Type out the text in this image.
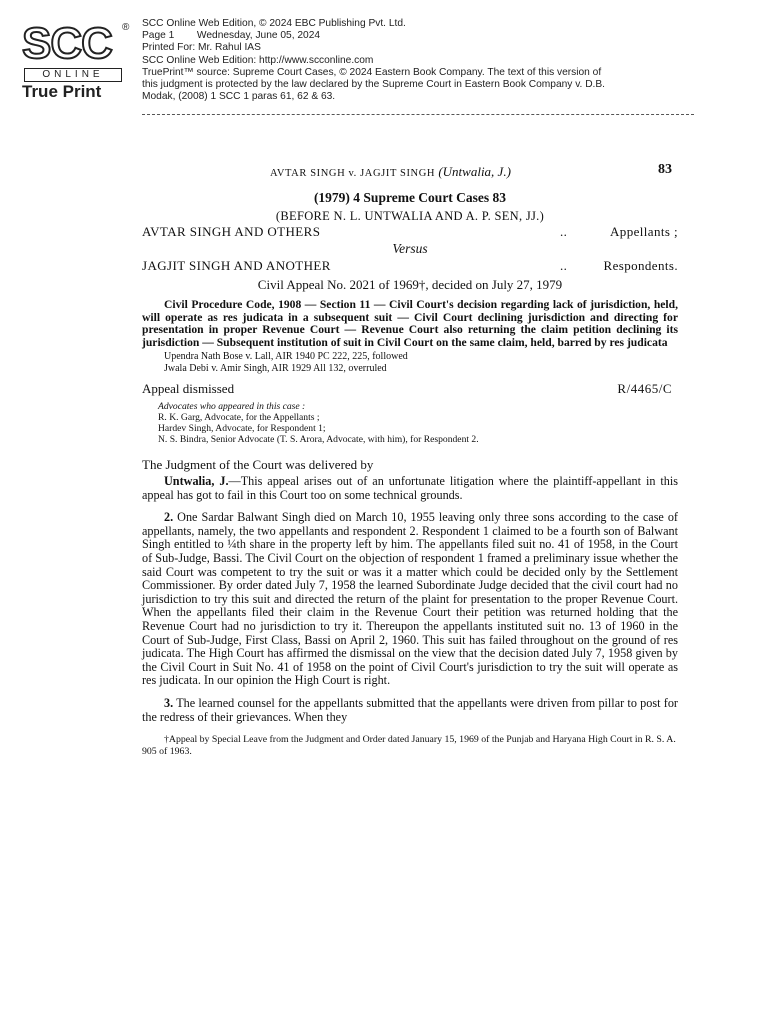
SCC ®
ONLINE
True Print
SCC Online Web Edition, © 2024 EBC Publishing Pvt. Ltd.
Page 1        Wednesday, June 05, 2024
Printed For: Mr. Rahul IAS
SCC Online Web Edition: http://www.scconline.com
TruePrint™ source: Supreme Court Cases, © 2024 Eastern Book Company. The text of this version of
this judgment is protected by the law declared by the Supreme Court in Eastern Book Company v. D.B.
Modak, (2008) 1 SCC 1 paras 61, 62 & 63.
AVTAR SINGH v. JAGJIT SINGH (Untwalia, J.)	83
(1979) 4 Supreme Court Cases 83
(BEFORE N. L. UNTWALIA AND A. P. SEN, JJ.)
AVTAR SINGH AND OTHERS	..	Appellants ;
Versus
JAGJIT SINGH AND ANOTHER	..	Respondents.
Civil Appeal No. 2021 of 1969†, decided on July 27, 1979
Civil Procedure Code, 1908 — Section 11 — Civil Court's decision regarding lack of jurisdiction, held, will operate as res judicata in a subsequent suit — Civil Court declining jurisdiction and directing for presentation in proper Revenue Court — Revenue Court also returning the claim petition declining its jurisdiction — Subsequent institution of suit in Civil Court on the same claim, held, barred by res judicata
Upendra Nath Bose v. Lall, AIR 1940 PC 222, 225, followed
Jwala Debi v. Amir Singh, AIR 1929 All 132, overruled
Appeal dismissed	R/4465/C
Advocates who appeared in this case :
R. K. Garg, Advocate, for the Appellants ;
Hardev Singh, Advocate, for Respondent 1;
N. S. Bindra, Senior Advocate (T. S. Arora, Advocate, with him), for Respondent 2.
The Judgment of the Court was delivered by

Untwalia, J.—This appeal arises out of an unfortunate litigation where the plaintiff-appellant in this appeal has got to fail in this Court too on some technical grounds.

2. One Sardar Balwant Singh died on March 10, 1955 leaving only three sons according to the case of appellants, namely, the two appellants and respondent 2. Respondent 1 claimed to be a fourth son of Balwant Singh entitled to ¼th share in the property left by him. The appellants filed suit no. 41 of 1958, in the Court of Sub-Judge, Bassi. The Civil Court on the objection of respondent 1 framed a preliminary issue whether the said Court was competent to try the suit or was it a matter which could be decided only by the Settlement Commissioner. By order dated July 7, 1958 the learned Subordinate Judge decided that the civil court had no jurisdiction to try this suit and directed the return of the plaint for presentation to the proper Revenue Court. When the appellants filed their claim in the Revenue Court their petition was returned holding that the Revenue Court had no jurisdiction to try it. Thereupon the appellants instituted suit no. 13 of 1960 in the Court of Sub-Judge, First Class, Bassi on April 2, 1960. This suit has failed throughout on the ground of res judicata. The High Court has affirmed the dismissal on the view that the decision dated July 7, 1958 given by the Civil Court in Suit No. 41 of 1958 on the point of Civil Court's jurisdiction to try the suit will operate as res judicata. In our opinion the High Court is right.

3. The learned counsel for the appellants submitted that the appellants were driven from pillar to post for the redress of their grievances. When they

†Appeal by Special Leave from the Judgment and Order dated January 15, 1969 of the Punjab and Haryana High Court in R. S. A. 905 of 1963.
